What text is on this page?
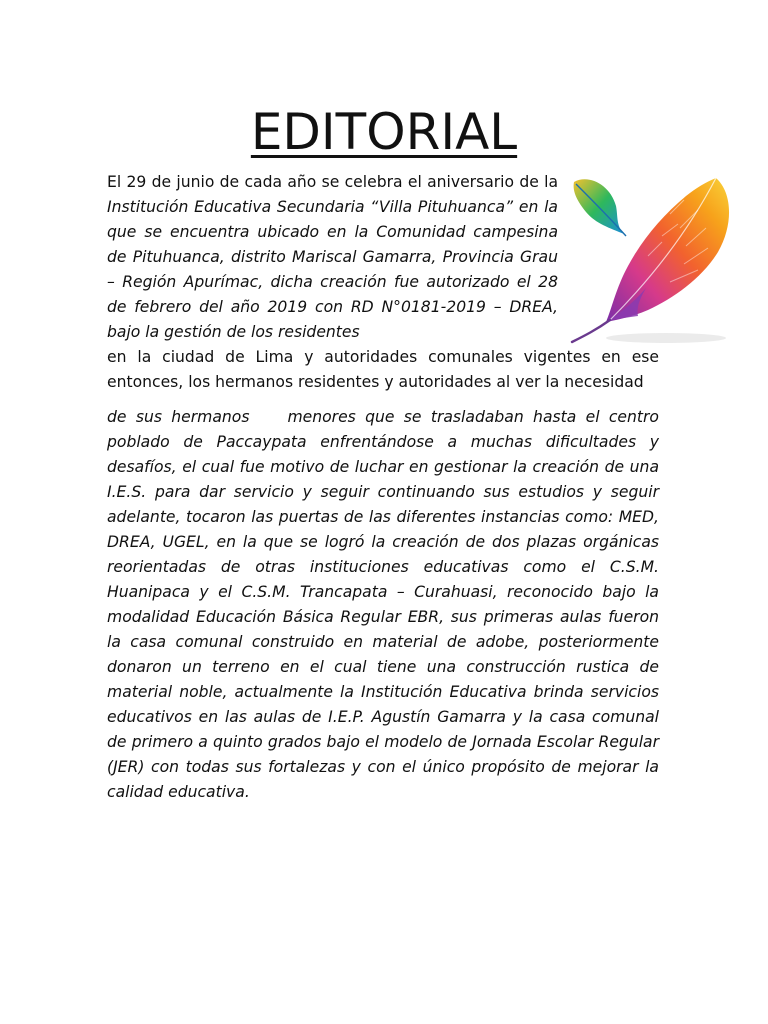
EDITORIAL

El 29 de junio de cada año se celebra el aniversario de la Institución Educativa Secundaria “Villa Pituhuanca” en la que se encuentra ubicado en la Comunidad campesina de Pituhuanca, distrito Mariscal Gamarra, Provincia Grau – Región Apurímac, dicha creación fue autorizado el 28 de febrero del año 2019 con RD N°0181-2019 – DREA, bajo la gestión de los residentes

en la ciudad de Lima y autoridades comunales vigentes en ese entonces, los hermanos residentes y autoridades al ver la necesidad

de sus hermanos menores que se trasladaban hasta el centro poblado de Paccaypata enfrentándose a muchas dificultades y desafíos, el cual fue motivo de luchar en gestionar la creación de una I.E.S. para dar servicio y seguir continuando sus estudios y seguir adelante, tocaron las puertas de las diferentes instancias como: MED, DREA, UGEL, en la que se logró la creación de dos plazas orgánicas reorientadas de otras instituciones educativas como el C.S.M. Huanipaca y el C.S.M. Trancapata – Curahuasi, reconocido bajo la modalidad Educación Básica Regular EBR, sus primeras aulas fueron la casa comunal construido en material de adobe, posteriormente donaron un terreno en el cual tiene una construcción rustica de material noble, actualmente la Institución Educativa brinda servicios educativos en las aulas de I.E.P. Agustín Gamarra y la casa comunal de primero a quinto grados bajo el modelo de Jornada Escolar Regular (JER) con todas sus fortalezas y con el único propósito de mejorar la calidad educativa.
